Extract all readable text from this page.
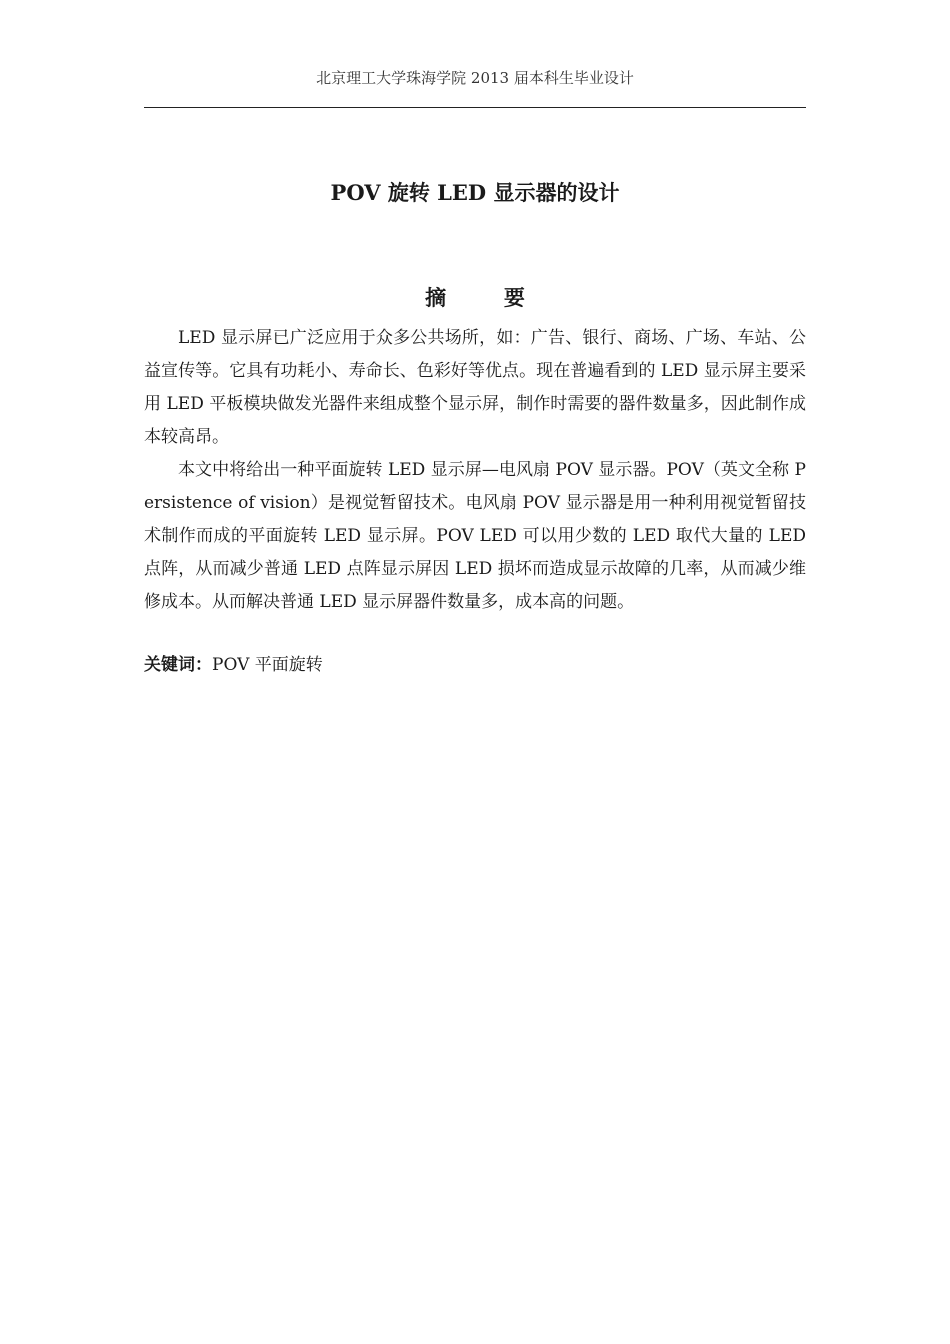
北京理工大学珠海学院 2013 届本科生毕业设计
POV 旋转 LED 显示器的设计
摘 要

LED 显示屏已广泛应用于众多公共场所，如：广告、银行、商场、广场、车站、公益宣传等。它具有功耗小、寿命长、色彩好等优点。现在普遍看到的 LED 显示屏主要采用 LED 平板模块做发光器件来组成整个显示屏，制作时需要的器件数量多，因此制作成本较高昂。

本文中将给出一种平面旋转 LED 显示屏—电风扇 POV 显示器。POV（英文全称 Persistence of vision）是视觉暂留技术。电风扇 POV 显示器是用一种利用视觉暂留技术制作而成的平面旋转 LED 显示屏。POV LED 可以用少数的 LED 取代大量的 LED 点阵，从而减少普通 LED 点阵显示屏因 LED 损坏而造成显示故障的几率，从而减少维修成本。从而解决普通 LED 显示屏器件数量多，成本高的问题。

关键词：POV 平面旋转
